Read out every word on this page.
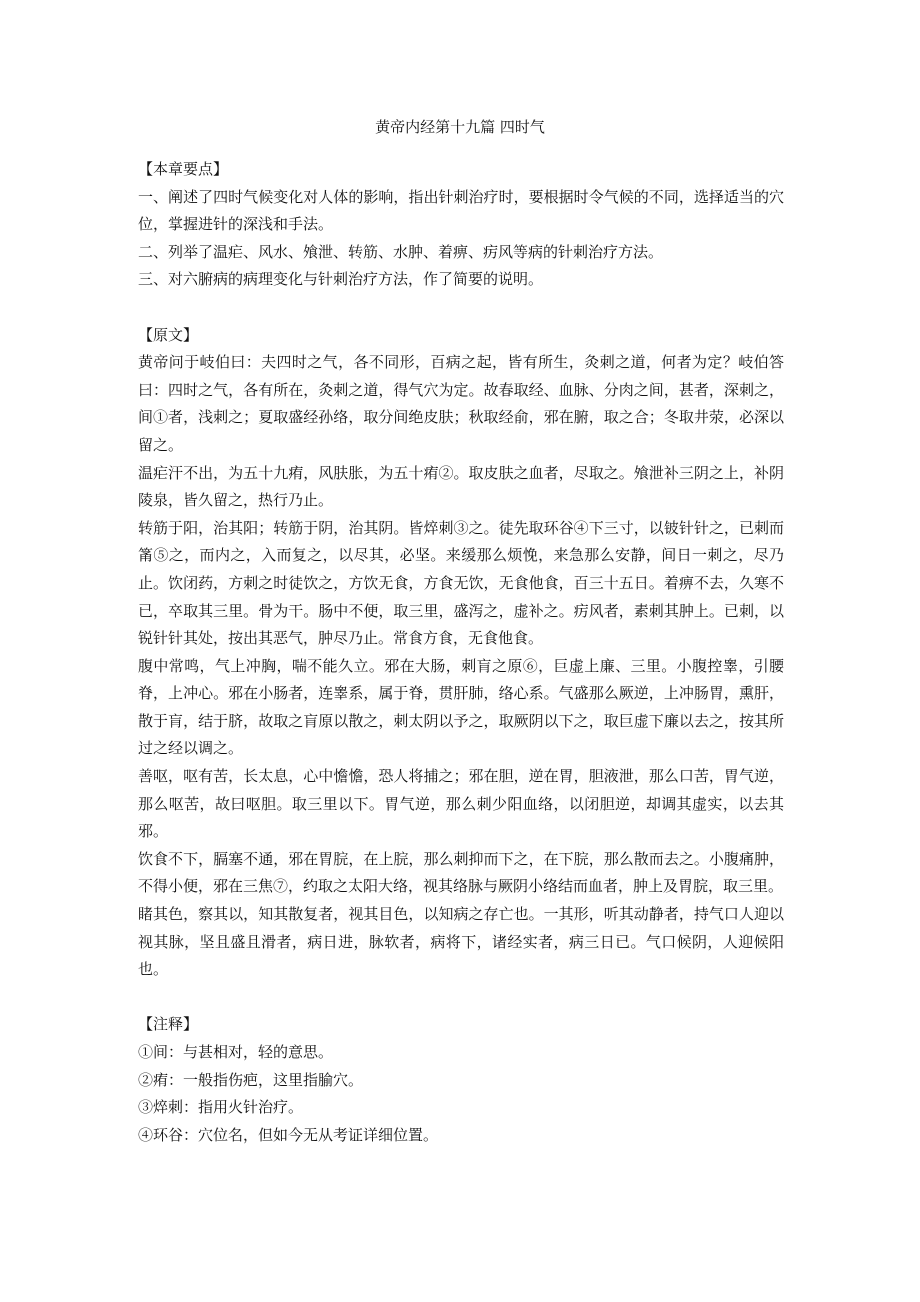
黄帝内经第十九篇 四时气

【本章要点】

一、阐述了四时气候变化对人体的影响，指出针刺治疗时，要根据时令气候的不同，选择适当的穴位，掌握进针的深浅和手法。

二、列举了温疟、风水、飧泄、转筋、水肿、着痹、疠风等病的针刺治疗方法。

三、对六腑病的病理变化与针刺治疗方法，作了简要的说明。

【原文】

黄帝问于岐伯曰：夫四时之气，各不同形，百病之起，皆有所生，灸刺之道，何者为定？岐伯答曰：四时之气，各有所在，灸刺之道，得气穴为定。故春取经、血脉、分肉之间，甚者，深刺之，间①者，浅刺之；夏取盛经孙络，取分间绝皮肤；秋取经俞，邪在腑，取之合；冬取井荥，必深以留之。

温疟汗不出，为五十九痏，风肤胀，为五十痏②。取皮肤之血者，尽取之。飧泄补三阴之上，补阴陵泉，皆久留之，热行乃止。

转筋于阳，治其阳；转筋于阴，治其阴。皆焠刺③之。徒先取环谷④下三寸，以铍针针之，已刺而筩⑤之，而内之，入而复之，以尽其，必坚。来缓那么烦悗，来急那么安静，间日一刺之，尽乃止。饮闭药，方刺之时徒饮之，方饮无食，方食无饮，无食他食，百三十五日。着痹不去，久寒不已，卒取其三里。骨为干。肠中不便，取三里，盛泻之，虚补之。疠风者，素刺其肿上。已刺，以锐针针其处，按出其恶气，肿尽乃止。常食方食，无食他食。

腹中常鸣，气上冲胸，喘不能久立。邪在大肠，刺肓之原⑥，巨虚上廉、三里。小腹控睾，引腰脊，上冲心。邪在小肠者，连睾系，属于脊，贯肝肺，络心系。气盛那么厥逆，上冲肠胃，熏肝，散于肓，结于脐，故取之肓原以散之，刺太阴以予之，取厥阴以下之，取巨虚下廉以去之，按其所过之经以调之。

善呕，呕有苦，长太息，心中憺憺，恐人将捕之；邪在胆，逆在胃，胆液泄，那么口苦，胃气逆，那么呕苦，故曰呕胆。取三里以下。胃气逆，那么刺少阳血络，以闭胆逆，却调其虚实，以去其邪。

饮食不下，膈塞不通，邪在胃脘，在上脘，那么刺抑而下之，在下脘，那么散而去之。小腹痛肿，不得小便，邪在三焦⑦，约取之太阳大络，视其络脉与厥阴小络结而血者，肿上及胃脘，取三里。

睹其色，察其以，知其散复者，视其目色，以知病之存亡也。一其形，听其动静者，持气口人迎以视其脉，坚且盛且滑者，病日进，脉软者，病将下，诸经实者，病三日已。气口候阴，人迎候阳也。

【注释】

①间：与甚相对，轻的意思。

②痏：一般指伤疤，这里指腧穴。

③焠刺：指用火针治疗。

④环谷：穴位名，但如今无从考证详细位置。
